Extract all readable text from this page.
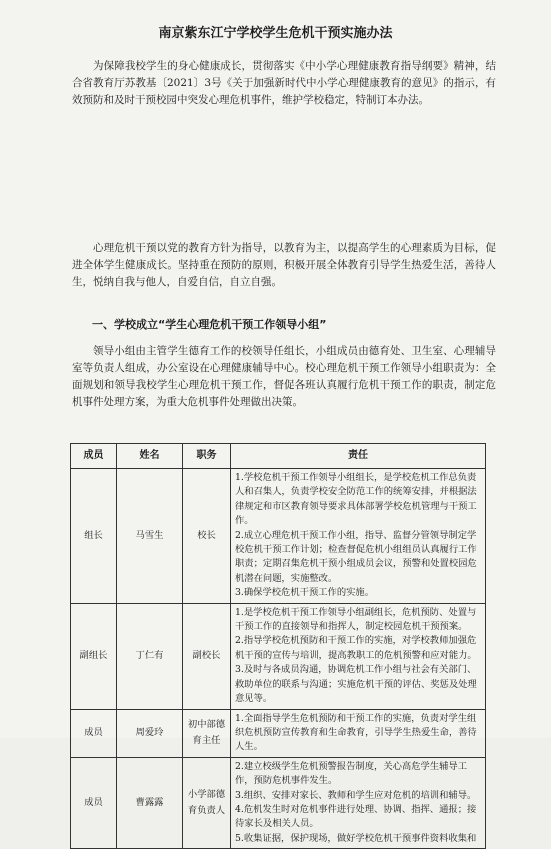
南京紫东江宁学校学生危机干预实施办法

为保障我校学生的身心健康成长，贯彻落实《中小学心理健康教育指导纲要》精神，结合省教育厅苏教基〔2021〕3号《关于加强新时代中小学心理健康教育的意见》的指示，有效预防和及时干预校园中突发心理危机事件，维护学校稳定，特制订本办法。

心理危机干预以党的教育方针为指导，以教育为主，以提高学生的心理素质为目标，促进全体学生健康成长。坚持重在预防的原则，积极开展全体教育引导学生热爱生活，善待人生，悦纳自我与他人，自爱自信，自立自强。

一、学校成立“学生心理危机干预工作领导小组”

领导小组由主管学生德育工作的校领导任组长，小组成员由德育处、卫生室、心理辅导室等负责人组成，办公室设在心理健康辅导中心。校心理危机干预工作领导小组职责为：全面规划和领导我校学生心理危机干预工作，督促各班认真履行危机干预工作的职责，制定危机事件处理方案，为重大危机事件处理做出决策。

成员	姓名	职务	责任
组长	马雪生	校长	1.学校危机干预工作领导小组组长，是学校危机工作总负责人和召集人，负责学校安全防范工作的统筹安排，并根据法律规定和市区教育领导要求具体部署学校危机管理与干预工作。

2.成立心理危机干预工作小组，指导、监督分管领导制定学校危机干预工作计划；检查督促危机小组组员认真履行工作职责；定期召集危机干预小组成员会议，预警和处置校园危机潜在问题，实施整改。

3.确保学校危机干预工作的实施。

副组长	丁仁有	副校长	1.是学校危机干预工作领导小组副组长，危机预防、处置与干预工作的直接领导和指挥人，制定校园危机干预预案。

2.指导学校危机预防和干预工作的实施，对学校教师加强危机干预的宣传与培训，提高教职工的危机预警和应对能力。

3.及时与各成员沟通，协调危机工作小组与社会有关部门、救助单位的联系与沟通；实施危机干预的评估、奖惩及处理意见等。

成员	周爱玲	初中部德育主任	1.全面指导学生危机预防和干预工作的实施，负责对学生组织危机预防宣传教育和生命教育，引导学生热爱生命，善待人生。

成员	曹露露	小学部德育负责人	2.建立校级学生危机预警报告制度，关心高危学生辅导工作，预防危机事件发生。

3.组织、安排对家长、教师和学生应对危机的培训和辅导。

4.危机发生时对危机事件进行处理、协调、指挥、通报；接待家长及相关人员。

5.收集证据，保护现场，做好学校危机干预事件资料收集和
